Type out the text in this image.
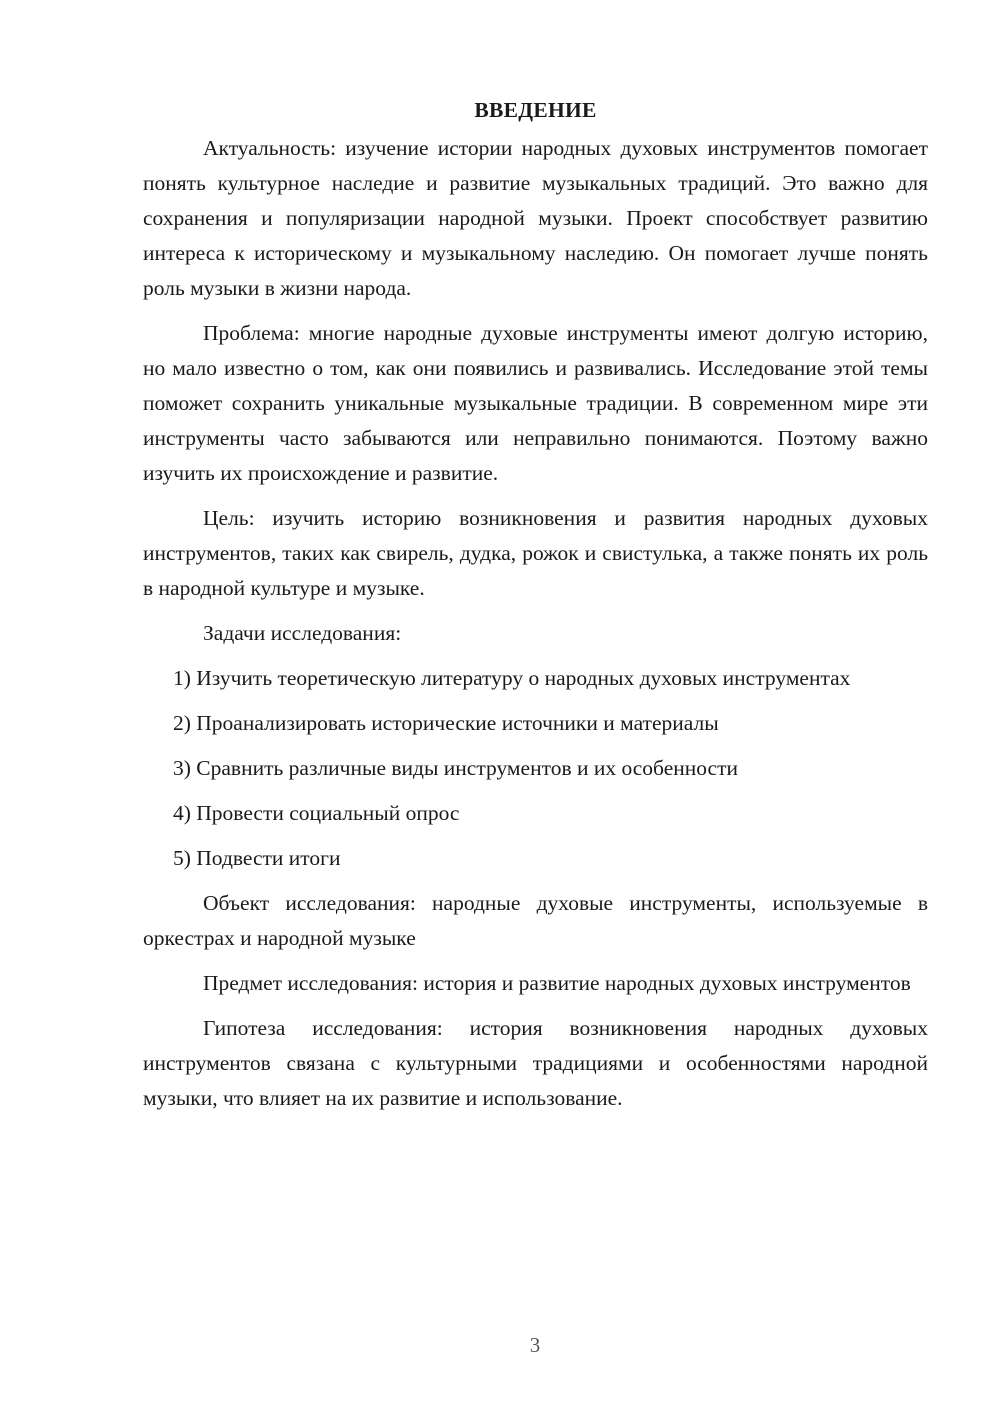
ВВЕДЕНИЕ

Актуальность: изучение истории народных духовых инструментов помогает понять культурное наследие и развитие музыкальных традиций. Это важно для сохранения и популяризации народной музыки. Проект способствует развитию интереса к историческому и музыкальному наследию. Он помогает лучше понять роль музыки в жизни народа.

Проблема: многие народные духовые инструменты имеют долгую историю, но мало известно о том, как они появились и развивались. Исследование этой темы поможет сохранить уникальные музыкальные традиции. В современном мире эти инструменты часто забываются или неправильно понимаются. Поэтому важно изучить их происхождение и развитие.

Цель: изучить историю возникновения и развития народных духовых инструментов, таких как свирель, дудка, рожок и свистулька, а также понять их роль в народной культуре и музыке.

Задачи исследования:

1) Изучить теоретическую литературу о народных духовых инструментах

2) Проанализировать исторические источники и материалы

3) Сравнить различные виды инструментов и их особенности

4) Провести социальный опрос

5) Подвести итоги

Объект исследования: народные духовые инструменты, используемые в оркестрах и народной музыке

Предмет исследования: история и развитие народных духовых инструментов

Гипотеза исследования: история возникновения народных духовых инструментов связана с культурными традициями и особенностями народной музыки, что влияет на их развитие и использование.

3
